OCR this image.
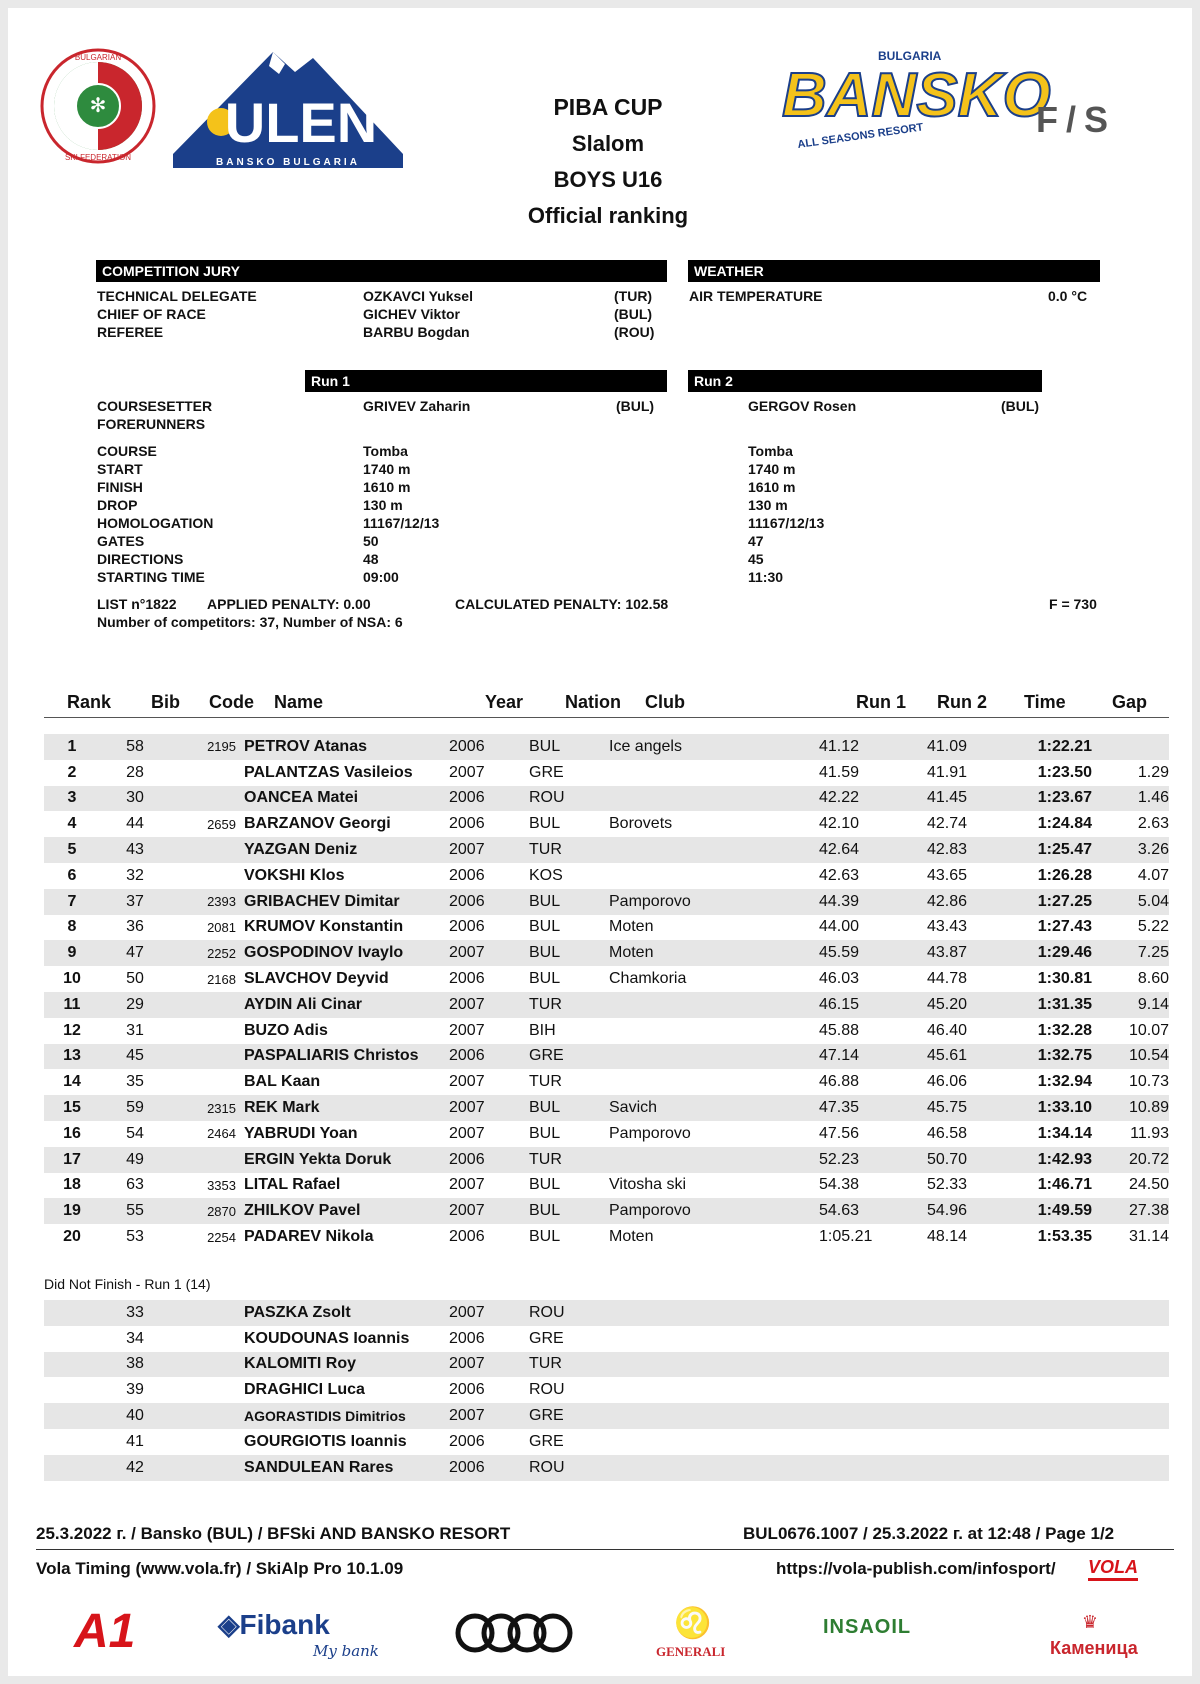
✻
BULGARIAN
SKI FEDERATION
ULEN
BANSKO BULGARIA
BULGARIA
BANSKO
ALL SEASONS RESORT	F/S
PIBA CUP
Slalom
BOYS U16
Official ranking
COMPETITION JURY
TECHNICAL DELEGATE	OZKAVCI Yuksel	(TUR)
CHIEF OF RACE	GICHEV Viktor	(BUL)
REFEREE	BARBU Bogdan	(ROU)
WEATHER
AIR TEMPERATURE	0.0 °C
Run 1	Run 2
COURSESETTER	GRIVEV Zaharin	(BUL)	GERGOV Rosen	(BUL)
FORERUNNERS
COURSE	Tomba	Tomba
START	1740 m	1740 m
FINISH	1610 m	1610 m
DROP	130 m	130 m
HOMOLOGATION	11167/12/13	11167/12/13
GATES	50	47
DIRECTIONS	48	45
STARTING TIME	09:00	11:30
LIST n°1822 APPLIED PENALTY: 0.00	CALCULATED PENALTY: 102.58	F = 730
Number of competitors: 37, Number of NSA: 6
Rank Bib Code Name	Year Nation Club	Run 1 Run 2 Time	Gap
1	58	2195	PETROV Atanas	2006	BUL	Ice angels	41.12	41.09	1:22.21	
2	28		PALANTZAS Vasileios	2007	GRE		41.59	41.91	1:23.50	1.29
3	30		OANCEA Matei	2006	ROU		42.22	41.45	1:23.67	1.46
4	44	2659	BARZANOV Georgi	2006	BUL	Borovets	42.10	42.74	1:24.84	2.63
5	43		YAZGAN Deniz	2007	TUR		42.64	42.83	1:25.47	3.26
6	32		VOKSHI Klos	2006	KOS		42.63	43.65	1:26.28	4.07
7	37	2393	GRIBACHEV Dimitar	2006	BUL	Pamporovo	44.39	42.86	1:27.25	5.04
8	36	2081	KRUMOV Konstantin	2006	BUL	Moten	44.00	43.43	1:27.43	5.22
9	47	2252	GOSPODINOV Ivaylo	2007	BUL	Moten	45.59	43.87	1:29.46	7.25
10	50	2168	SLAVCHOV Deyvid	2006	BUL	Chamkoria	46.03	44.78	1:30.81	8.60
11	29		AYDIN Ali Cinar	2007	TUR		46.15	45.20	1:31.35	9.14
12	31		BUZO Adis	2007	BIH		45.88	46.40	1:32.28	10.07
13	45		PASPALIARIS Christos	2006	GRE		47.14	45.61	1:32.75	10.54
14	35		BAL Kaan	2007	TUR		46.88	46.06	1:32.94	10.73
15	59	2315	REK Mark	2007	BUL	Savich	47.35	45.75	1:33.10	10.89
16	54	2464	YABRUDI Yoan	2007	BUL	Pamporovo	47.56	46.58	1:34.14	11.93
17	49		ERGIN Yekta Doruk	2006	TUR		52.23	50.70	1:42.93	20.72
18	63	3353	LITAL Rafael	2007	BUL	Vitosha ski	54.38	52.33	1:46.71	24.50
19	55	2870	ZHILKOV Pavel	2007	BUL	Pamporovo	54.63	54.96	1:49.59	27.38
20	53	2254	PADAREV Nikola	2006	BUL	Moten	1:05.21	48.14	1:53.35	31.14
Did Not Finish - Run 1 (14)
	33		PASZKA Zsolt	2007	ROU					
	34		KOUDOUNAS Ioannis	2006	GRE					
	38		KALOMITI Roy	2007	TUR					
	39		DRAGHICI Luca	2006	ROU					
	40		AGORASTIDIS Dimitrios	2007	GRE					
	41		GOURGIOTIS Ioannis	2006	GRE					
	42		SANDULEAN Rares	2006	ROU					
25.3.2022 г. / Bansko (BUL) / BFSki AND BANSKO RESORT	BUL0676.1007 / 25.3.2022 г. at 12:48 / Page 1/2
Vola Timing (www.vola.fr) / SkiAlp Pro 10.1.09	https://vola-publish.com/infosport/ VOLA
A1	◈Fibank
My bank
♌
GENERALI
INSAOIL	♛
Каменица
